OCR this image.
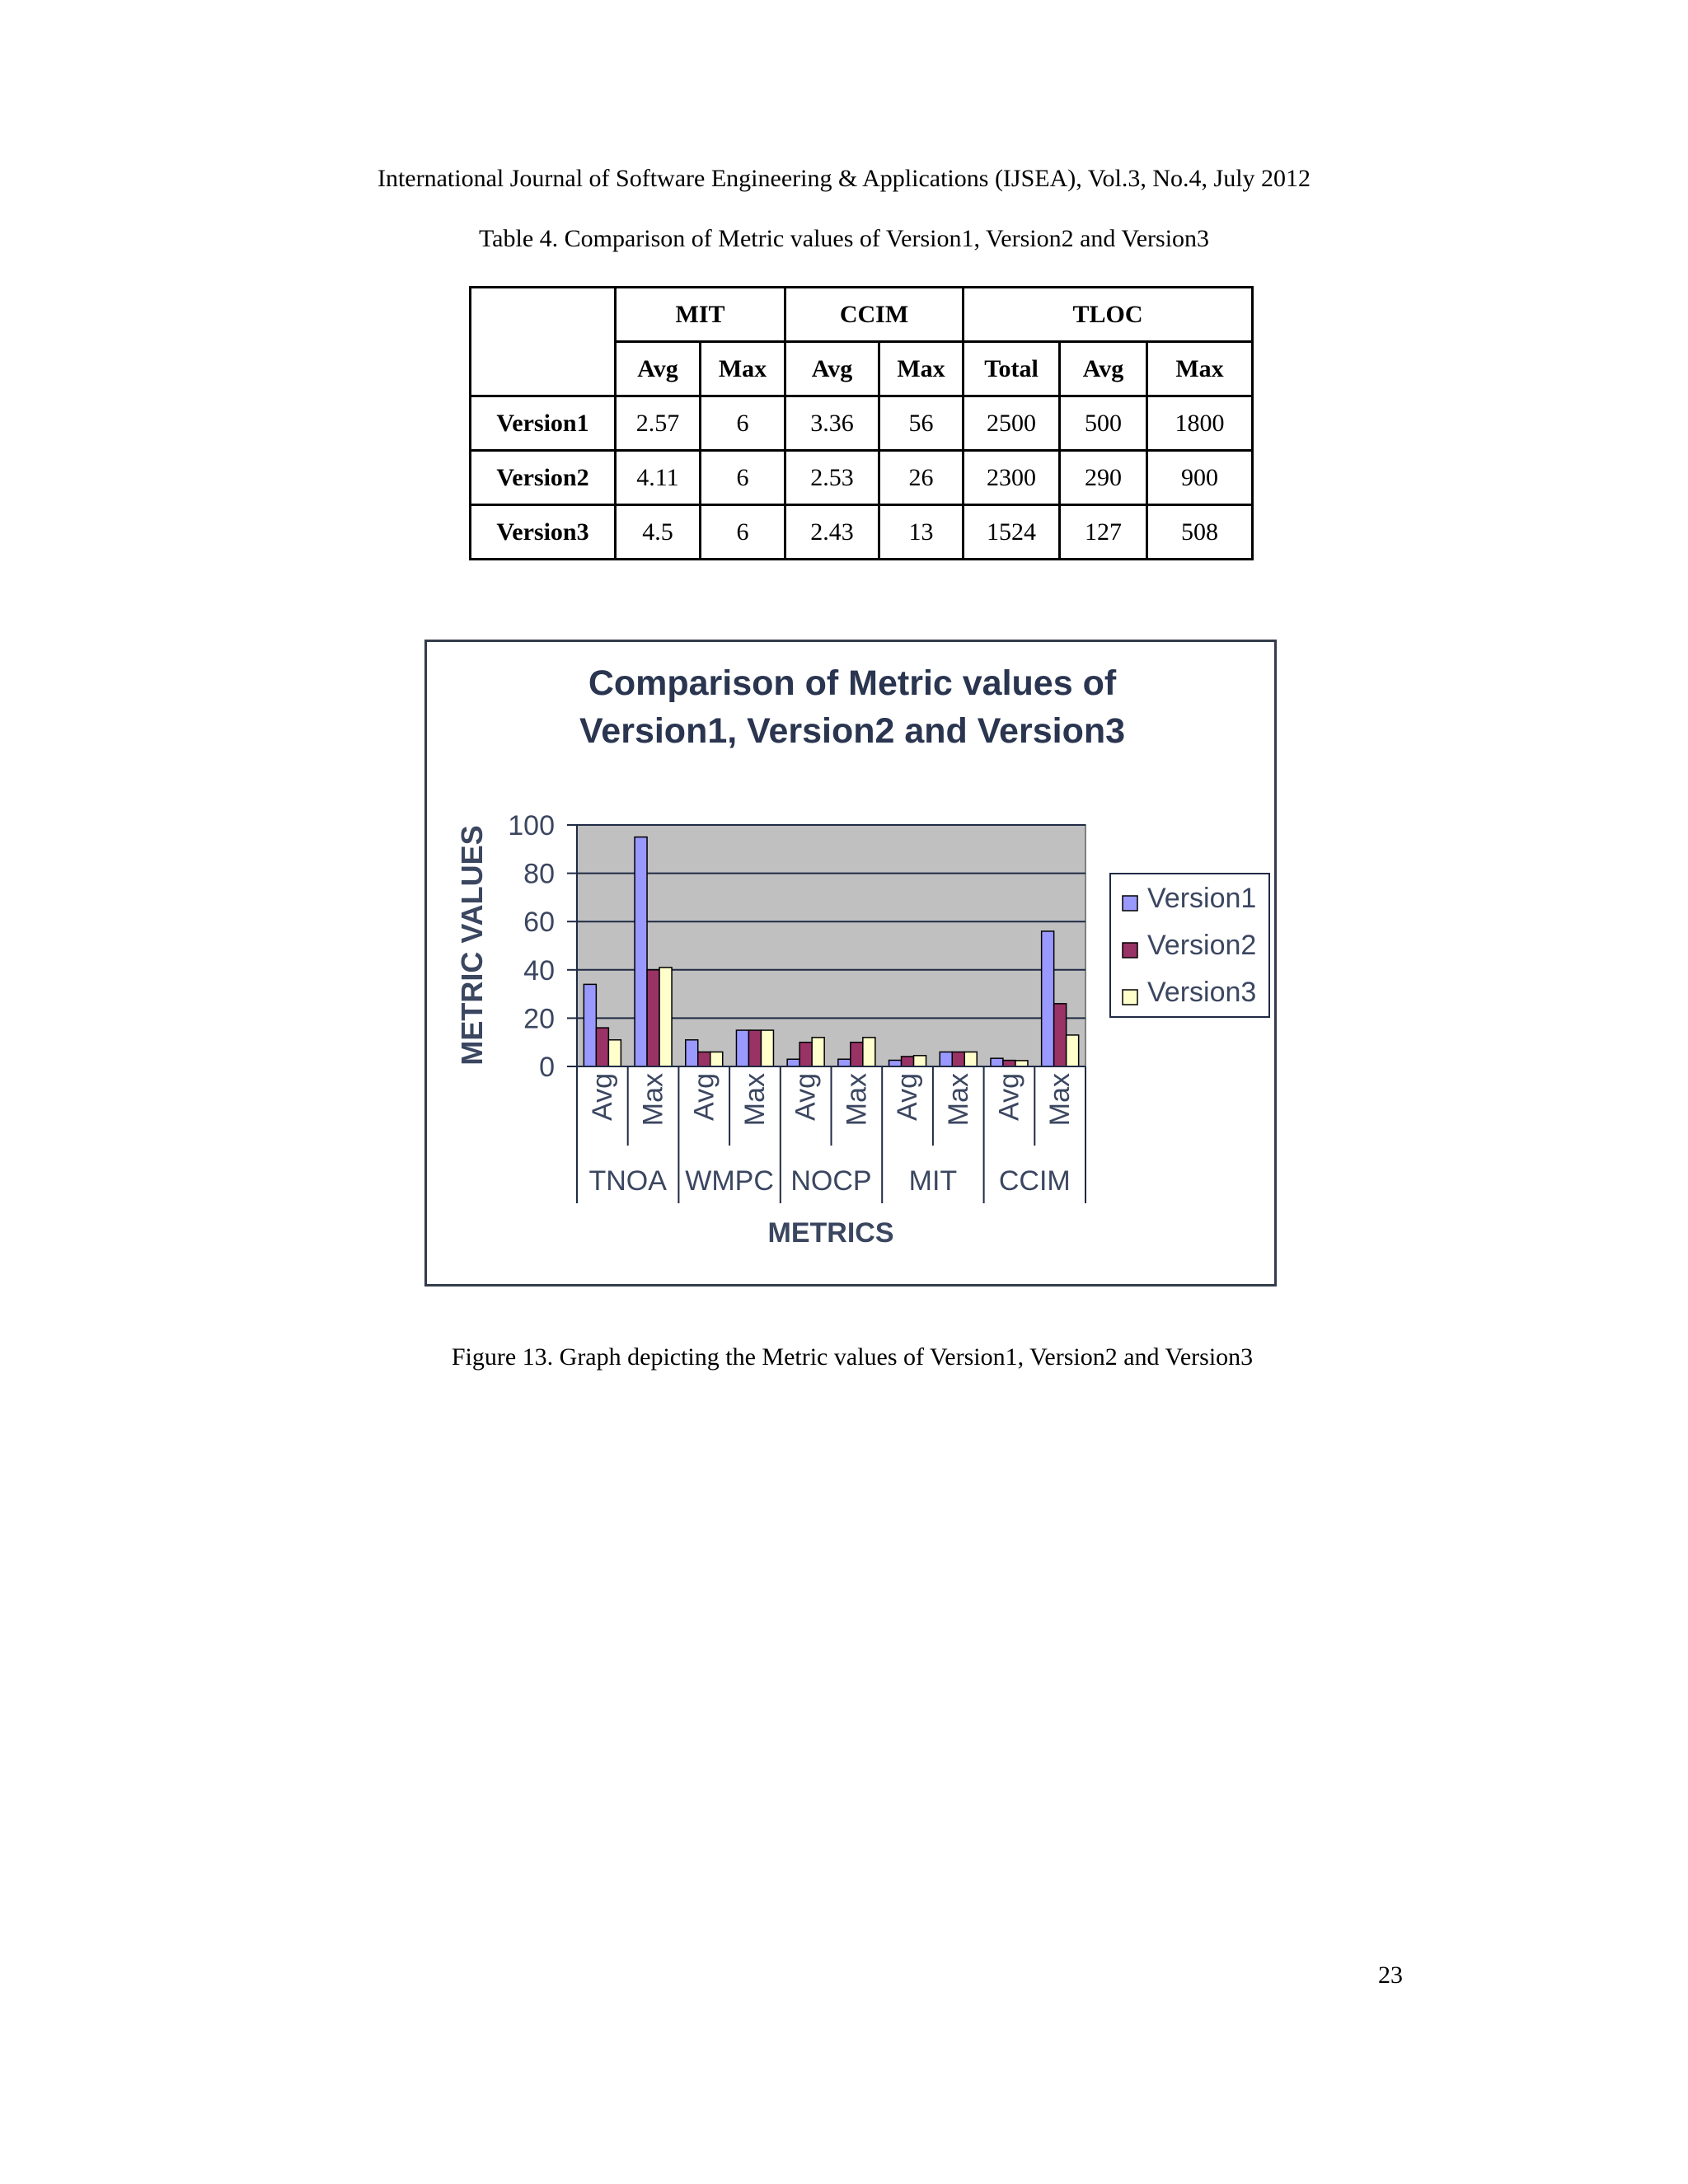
International Journal of Software Engineering & Applications (IJSEA), Vol.3, No.4, July 2012
Table 4. Comparison of Metric values of Version1, Version2 and Version3
	MIT		CCIM		TLOC		
	Avg	Max	Avg	Max	Total	Avg	Max
Version1	2.57	6	3.36	56	2500	500	1800
Version2	4.11	6	2.53	26	2300	290	900
Version3	4.5	6	2.43	13	1524	127	508
Comparison of Metric values of
Version1, Version2 and Version3
0
20
40
60
80
100
METRIC VALUES
Avg Max Avg Max Avg Max Avg Max Avg Max
TNOA WMPC NOCP MIT CCIM
METRICS
Version1
Version2
Version3
Figure 13. Graph depicting the Metric values of Version1, Version2 and Version3
23
